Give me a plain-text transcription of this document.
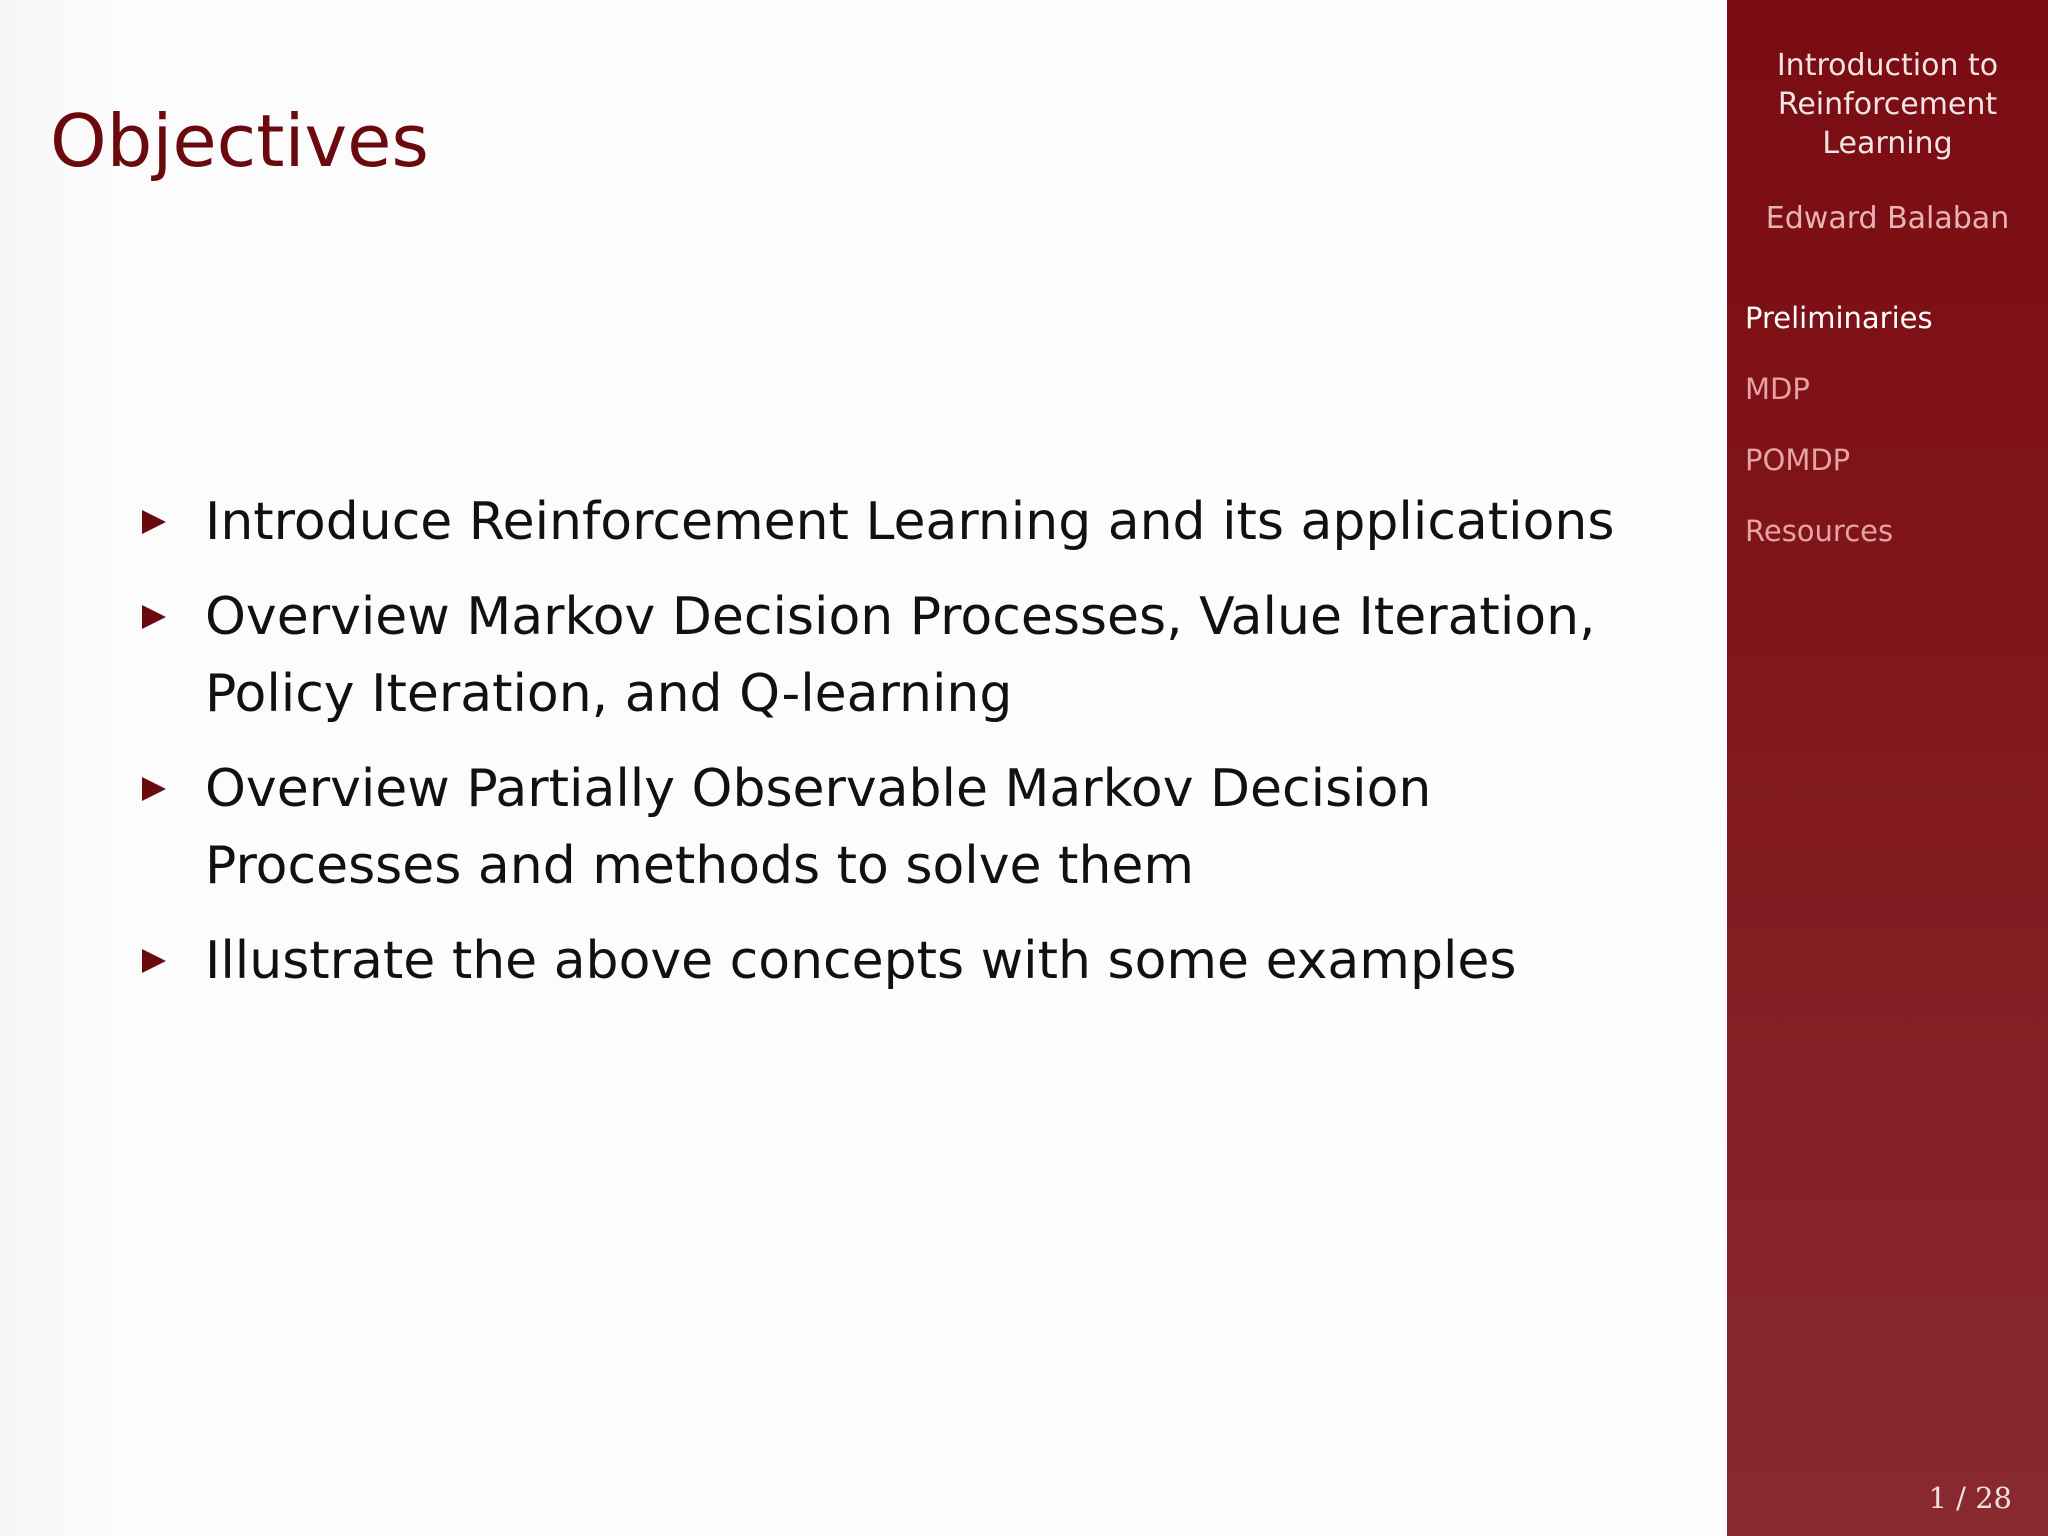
Objectives
Introduce Reinforcement Learning and its applications
Overview Markov Decision Processes, Value Iteration, Policy Iteration, and Q-learning
Overview Partially Observable Markov Decision Processes and methods to solve them
Illustrate the above concepts with some examples
Introduction to
Reinforcement
Learning
Edward Balaban
Preliminaries
MDP
POMDP
Resources
1 / 28
